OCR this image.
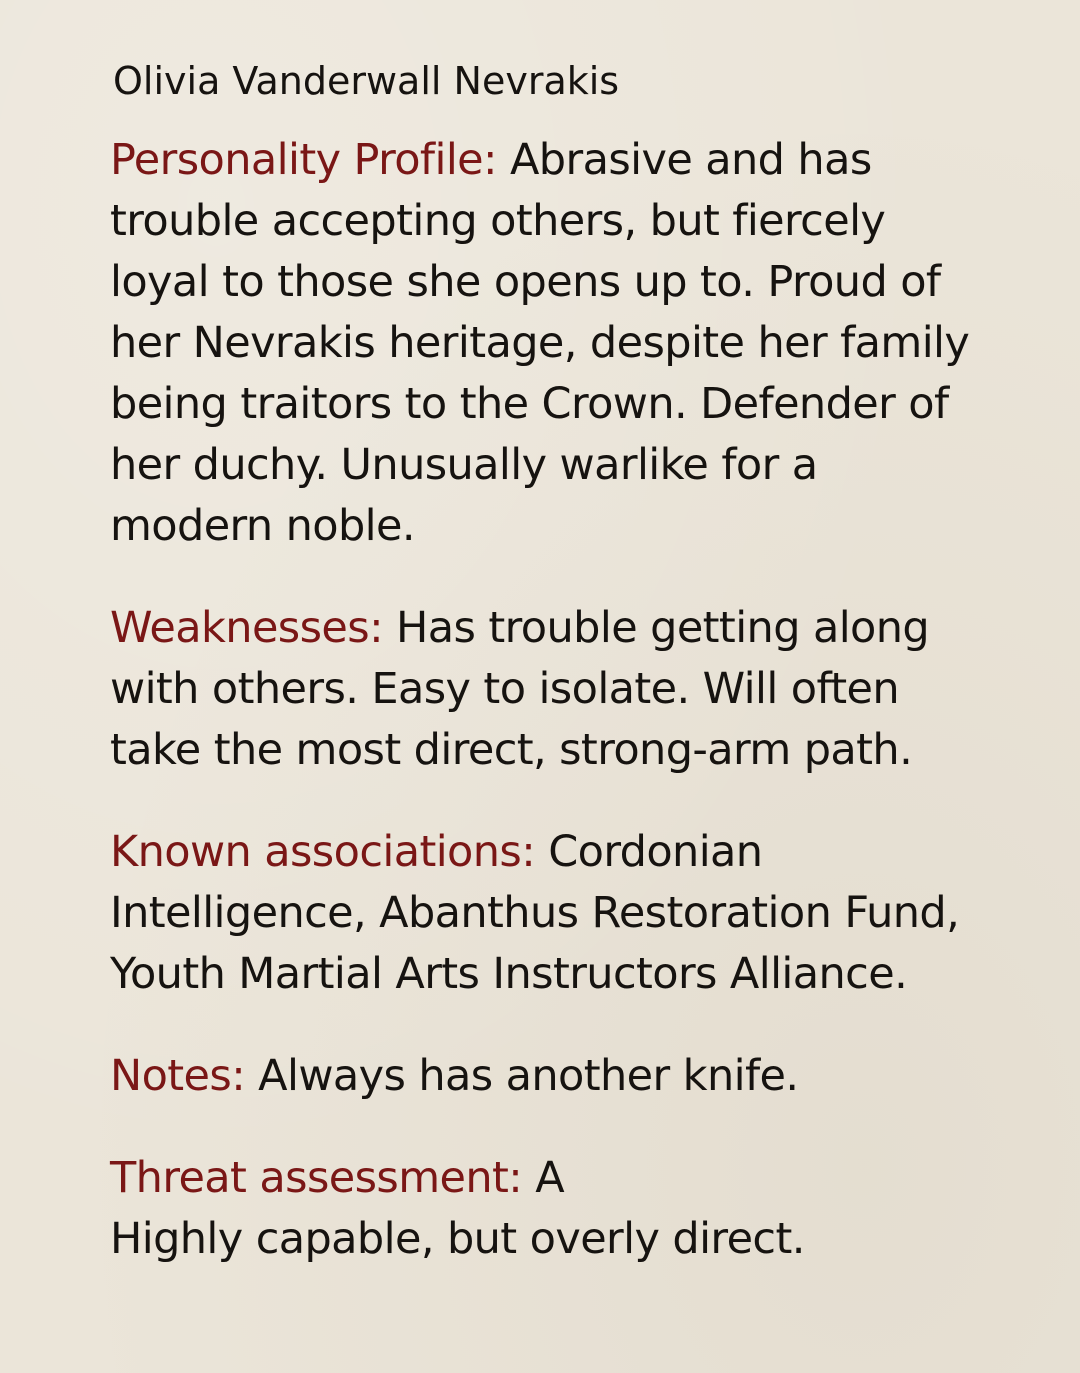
Olivia Vanderwall Nevrakis

Personality Profile: Abrasive and has trouble accepting others, but fiercely loyal to those she opens up to. Proud of her Nevrakis heritage, despite her family being traitors to the Crown. Defender of her duchy. Unusually warlike for a modern noble.

Weaknesses: Has trouble getting along with others. Easy to isolate. Will often take the most direct, strong-arm path.

Known associations: Cordonian Intelligence, Abanthus Restoration Fund, Youth Martial Arts Instructors Alliance.

Notes: Always has another knife.

Threat assessment: A
Highly capable, but overly direct.
